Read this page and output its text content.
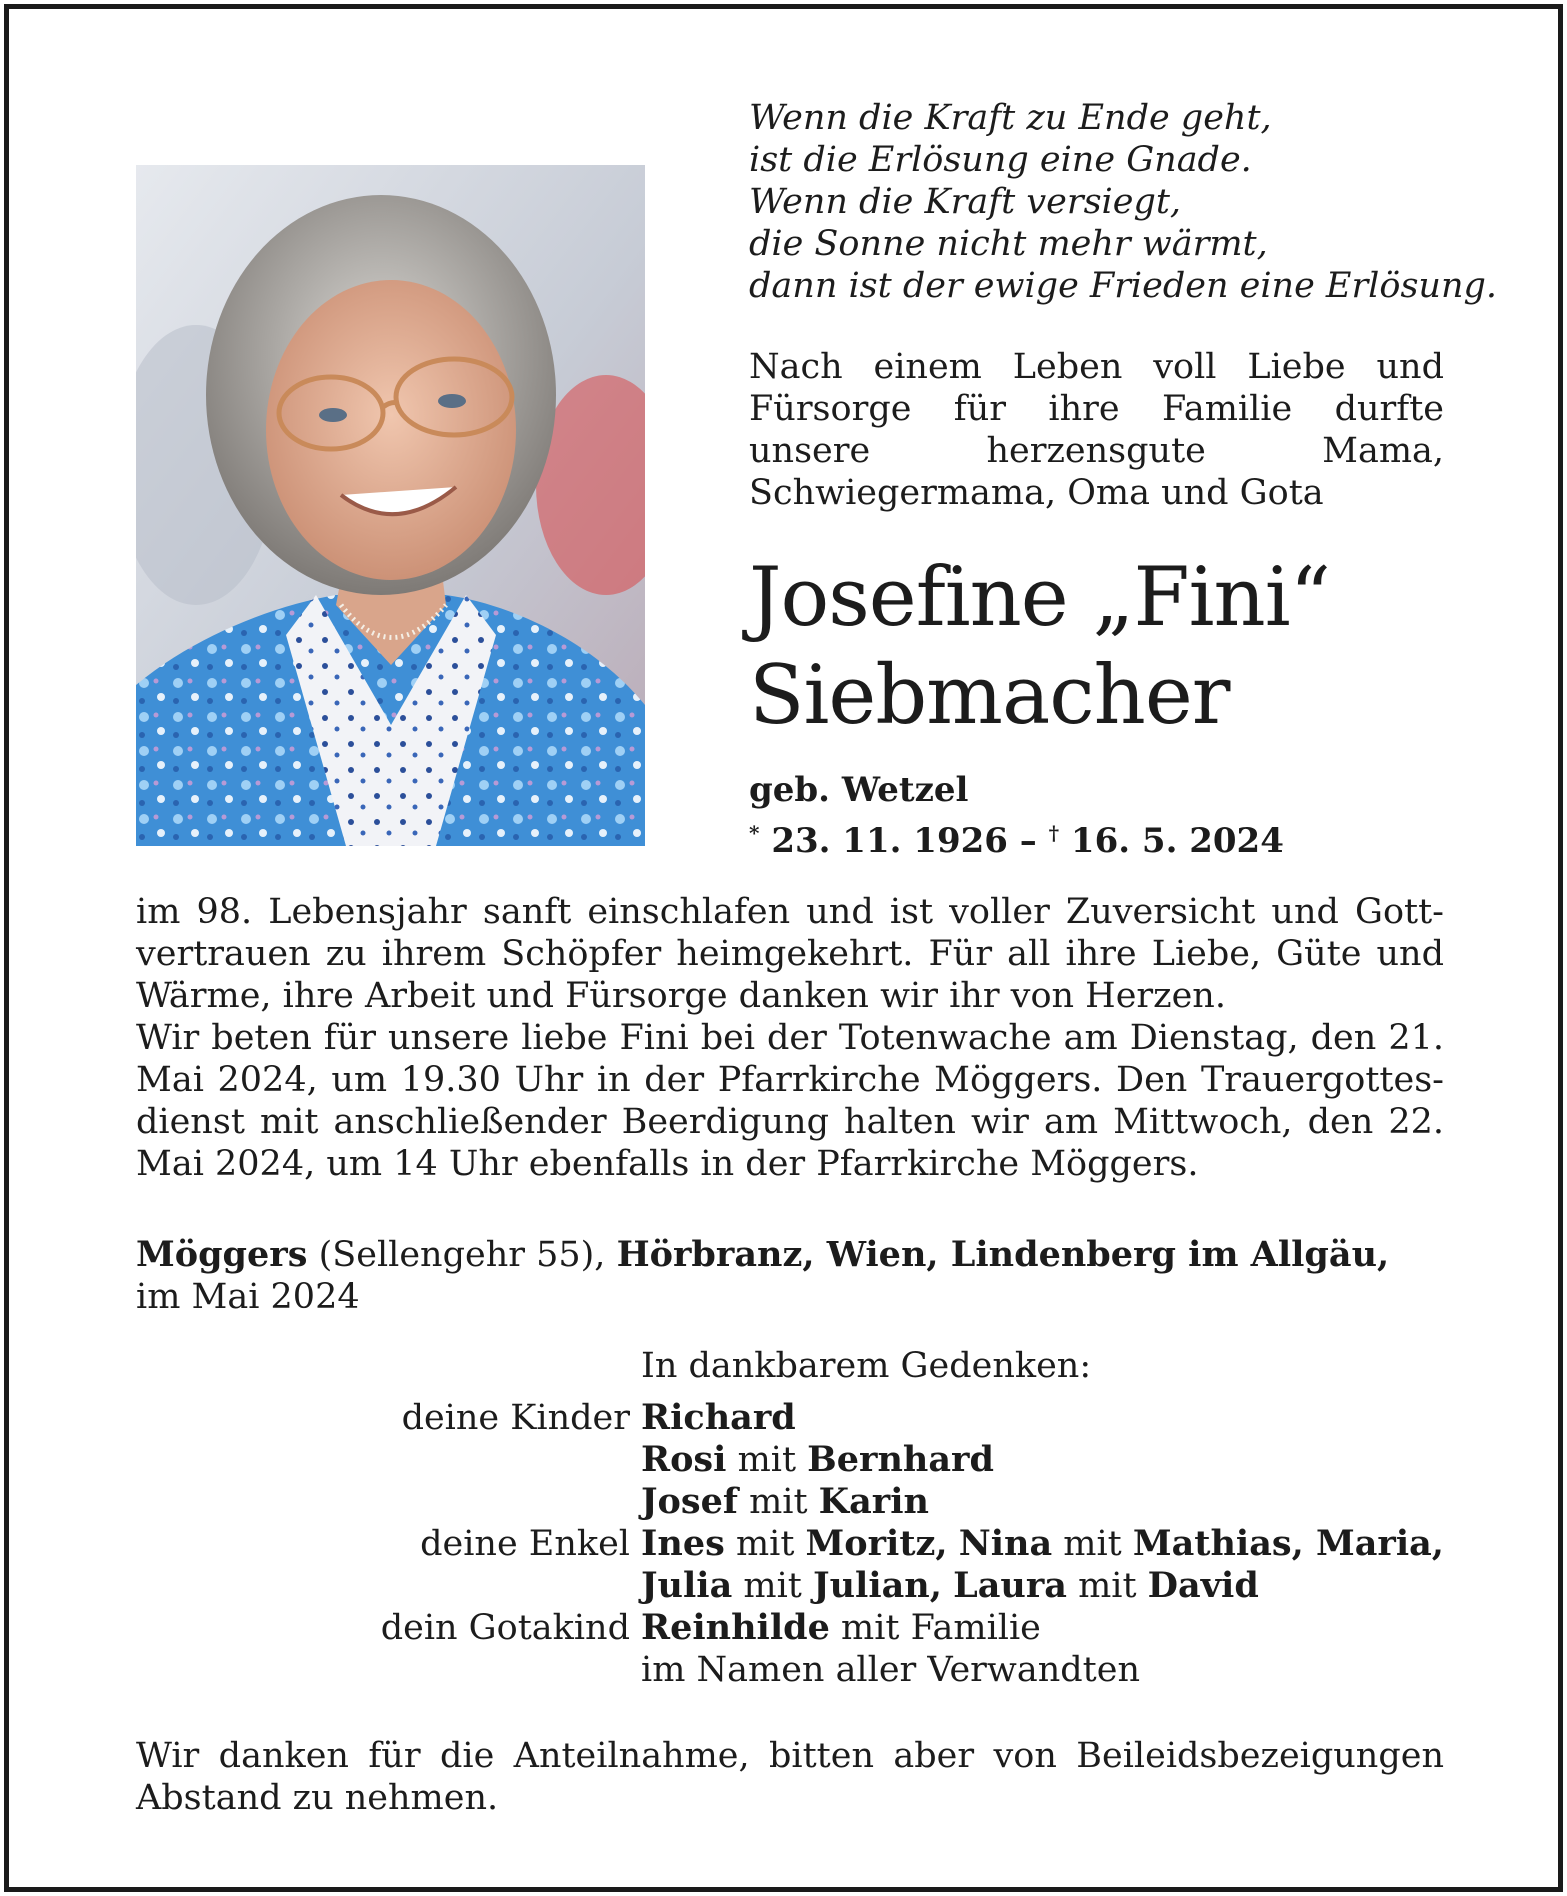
Wenn die Kraft zu Ende geht,
ist die Erlösung eine Gnade.
Wenn die Kraft versiegt,
die Sonne nicht mehr wärmt,
dann ist der ewige Frieden eine Erlösung.

Nach einem Leben voll Liebe und Fürsorge für ihre Familie durfte unsere herzensgute Mama, Schwiegermama, Oma und Gota

Josefine „Fini“
Siebmacher
geb. Wetzel
* 23. 11. 1926 – † 16. 5. 2024

im 98. Lebensjahr sanft einschlafen und ist voller Zuversicht und Gottvertrauen zu ihrem Schöpfer heimgekehrt. Für all ihre Liebe, Güte und Wärme, ihre Arbeit und Fürsorge danken wir ihr von Herzen.

Wir beten für unsere liebe Fini bei der Totenwache am Dienstag, den 21. Mai 2024, um 19.30 Uhr in der Pfarrkirche Möggers. Den Trauergottesdienst mit anschließender Beerdigung halten wir am Mittwoch, den 22. Mai 2024, um 14 Uhr ebenfalls in der Pfarrkirche Möggers.

Möggers (Sellengehr 55), Hörbranz, Wien, Lindenberg im Allgäu,
im Mai 2024
In dankbarem Gedenken:
deine Kinder Richard
Rosi mit Bernhard
Josef mit Karin
deine Enkel Ines mit Moritz, Nina mit Mathias, Maria,
Julia mit Julian, Laura mit David
dein Gotakind Reinhilde mit Familie
im Namen aller Verwandten

Wir danken für die Anteilnahme, bitten aber von Beileidsbezeigungen Abstand zu nehmen.
